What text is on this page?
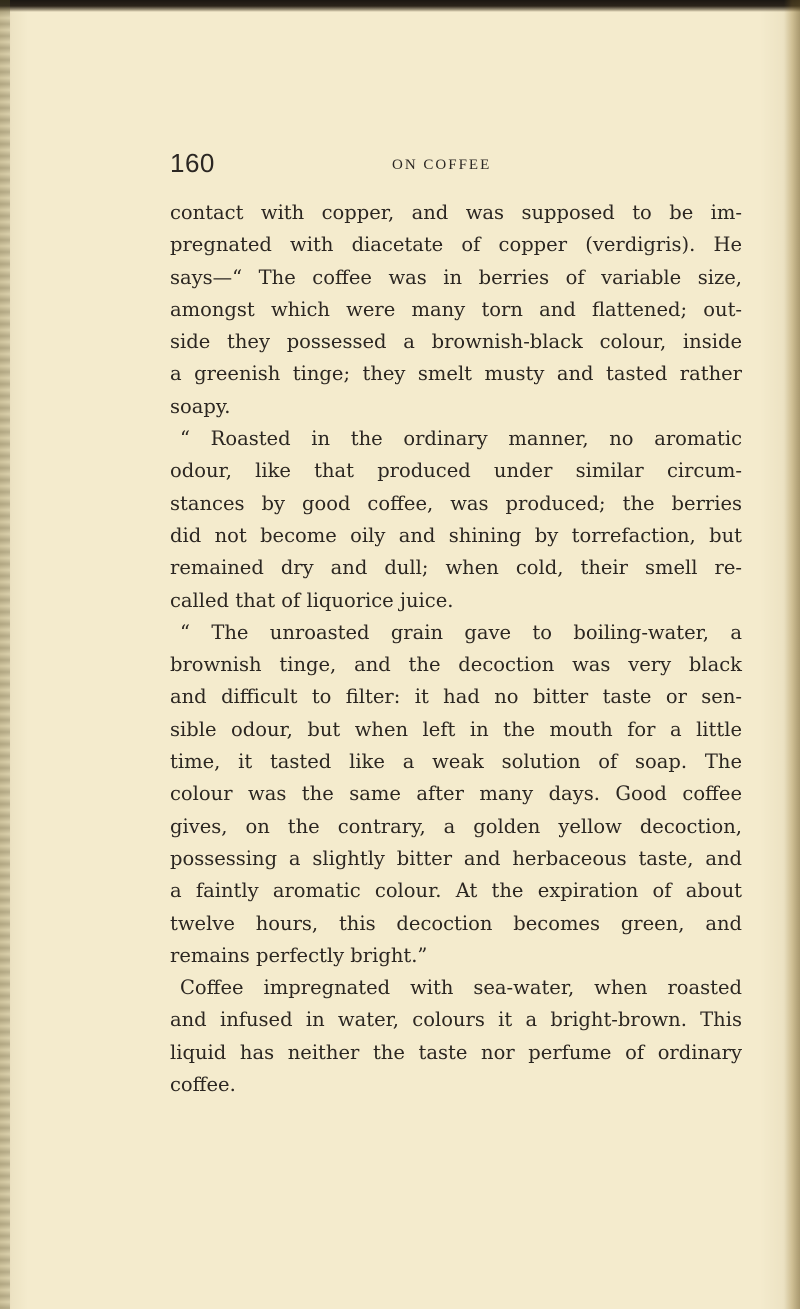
160	ON COFFEE
contact with copper, and was supposed to be im-
pregnated with diacetate of copper (verdigris). He
says—“ The coffee was in berries of variable size,
amongst which were many torn and flattened; out-
side they possessed a brownish-black colour, inside
a greenish tinge; they smelt musty and tasted rather
soapy.
“ Roasted in the ordinary manner, no aromatic
odour, like that produced under similar circum-
stances by good coffee, was produced; the berries
did not become oily and shining by torrefaction, but
remained dry and dull; when cold, their smell re-
called that of liquorice juice.
“ The unroasted grain gave to boiling-water, a
brownish tinge, and the decoction was very black
and difficult to filter: it had no bitter taste or sen-
sible odour, but when left in the mouth for a little
time, it tasted like a weak solution of soap. The
colour was the same after many days. Good coffee
gives, on the contrary, a golden yellow decoction,
possessing a slightly bitter and herbaceous taste, and
a faintly aromatic colour. At the expiration of about
twelve hours, this decoction becomes green, and
remains perfectly bright.”
Coffee impregnated with sea-water, when roasted
and infused in water, colours it a bright-brown. This
liquid has neither the taste nor perfume of ordinary
coffee.
